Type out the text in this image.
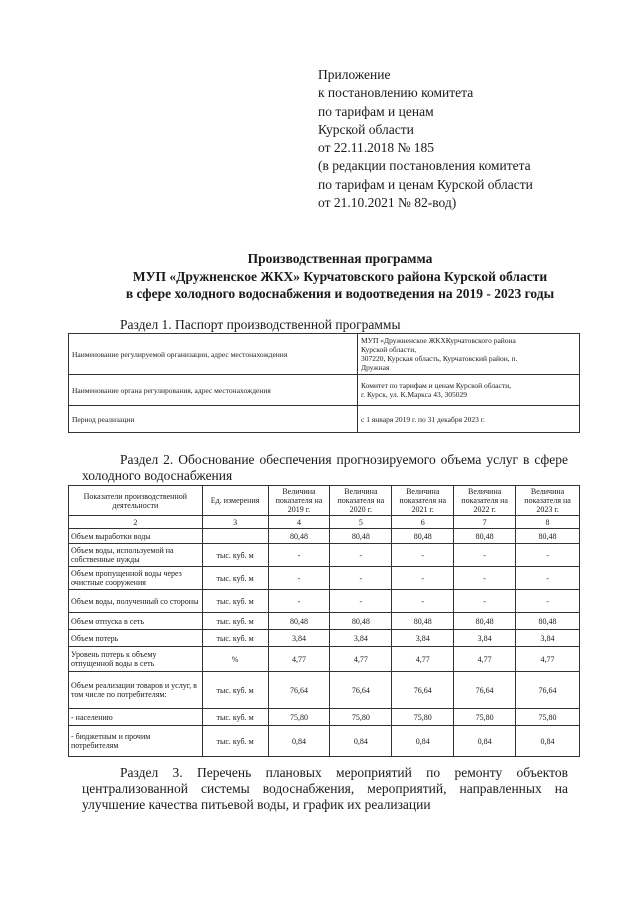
Приложение
к постановлению комитета
по тарифам и ценам
Курской области
от 22.11.2018 № 185
(в редакции постановления комитета
по тарифам и ценам Курской области
от 21.10.2021 № 82-вод)
Производственная программа
МУП «Дружненское ЖКХ» Курчатовского района Курской области
в сфере холодного водоснабжения и водоотведения на 2019 - 2023 годы
Раздел 1. Паспорт производственной программы
Наименование регулируемой организации, адрес местонахождения	МУП «Дружненское ЖКХКурчатовского района
Курской области,
307220, Курская область, Курчатовский район, п.
Дружная

Наименование органа регулирования, адрес местонахождения	Комитет по тарифам и ценам Курской области,
г. Курск, ул. К.Маркса 43, 305029

Период реализации	с 1 января 2019 г. по 31 декабря 2023 г.
Раздел 2. Обоснование обеспечения прогнозируемого объема услуг в сфере холодного водоснабжения
Показатели производственной деятельности	Ед. измерения	Величина показателя на 2019 г.	Величина показателя на 2020 г.	Величина показателя на 2021 г.	Величина показателя на 2022 г.	Величина показателя на 2023 г.
2	3	4	5	6	7	8
Объем выработки воды		80,48	80,48	80,48	80,48	80,48
Объем воды, используемой на собственные нужды	тыс. куб. м	-	-	-	-	-
Объем пропущенной воды через очистные сооружения	тыс. куб. м	-	-	-	-	-
Объем воды, полученный со стороны	тыс. куб. м	-	-	-	-	-
Объем отпуска в сеть	тыс. куб. м	80,48	80,48	80,48	80,48	80,48
Объем потерь	тыс. куб. м	3,84	3,84	3,84	3,84	3,84
Уровень потерь к объему отпущенной воды в сеть	%	4,77	4,77	4,77	4,77	4,77
Объем реализации товаров и услуг, в том числе по потребителям:	тыс. куб. м	76,64	76,64	76,64	76,64	76,64
- населению	тыс. куб. м	75,80	75,80	75,80	75,80	75,80
- бюджетным и прочим потребителям	тыс. куб. м	0,84	0,84	0,84	0,84	0,84
Раздел 3. Перечень плановых мероприятий по ремонту объектов централизованной системы водоснабжения, мероприятий, направленных на улучшение качества питьевой воды, и график их реализации
